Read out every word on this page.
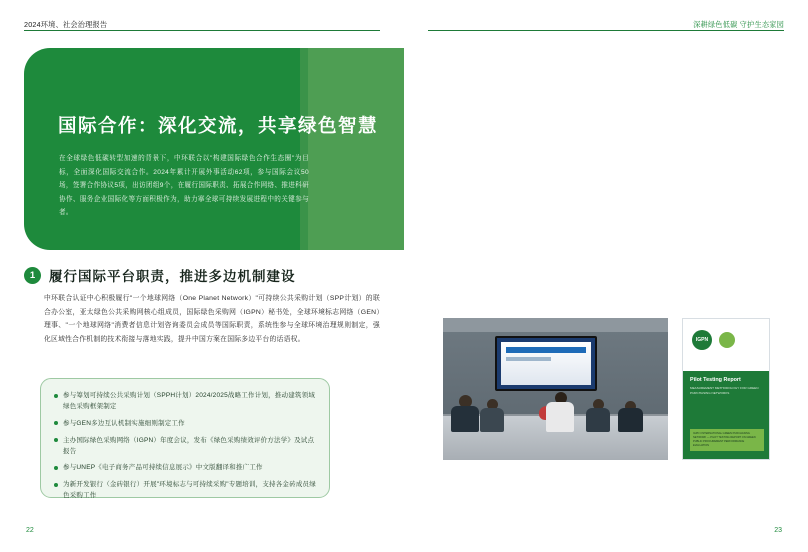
2024环境、社会治理报告
国际合作：深化交流，共享绿色智慧
在全球绿色低碳转型加速的背景下，中环联合以"构建国际绿色合作生态圈"为目标，全面深化国际交流合作。2024年累计开展外事活动62项，参与国际会议50场，签署合作协议5项，出访团组9个，在履行国际职责、拓展合作网络、推进科研协作、服务企业国际化等方面积极作为，助力搴全球可持续发展进程中的关键参与者。
1	履行国际平台职责，推进多边机制建设
中环联合认证中心积极履行"一个地球网络（One Planet Network）"可持续公共采购计划（SPP计划）的联合办公室，亚太绿色公共采购网核心组成员，国际绿色采购网（IGPN）秘书处，全球环境标志网络（GEN）理事、"一个地球网络"消费者信息计划咨询委员会成员等国际职责，系统性参与全球环境治理规则制定，强化区域性合作机制的技术衔接与落地实践，提升中国方案在国际多边平台的话语权。
参与筹划可持续公共采购计划（SPPH计划）2024/2025战略工作计划，推动建筑领域绿色采购框架制定
参与GEN多边互认机制实施细则制定工作
主办国际绿色采购网络（IGPN）年度会议，发布《绿色采购绩效评价方法学》及试点报告
参与UNEP《电子商务产品可持续信息展示》中文版翻译和推广工作
为新开发银行（金砖银行）开展"环境标志与可持续采购"专题培训，支持各金砖成员绿色采购工作
22
深耕绿色低碳 守护生态家园
23
IGPN
Pilot Testing Report
MEASUREMENT METHODOLOGY FOR GREEN PURCHASING NETWORKS
IGPN / INTERNATIONAL GREEN PURCHASING NETWORK — PILOT TESTING REPORT ON GREEN PUBLIC PROCUREMENT PERFORMANCE EVALUATION
